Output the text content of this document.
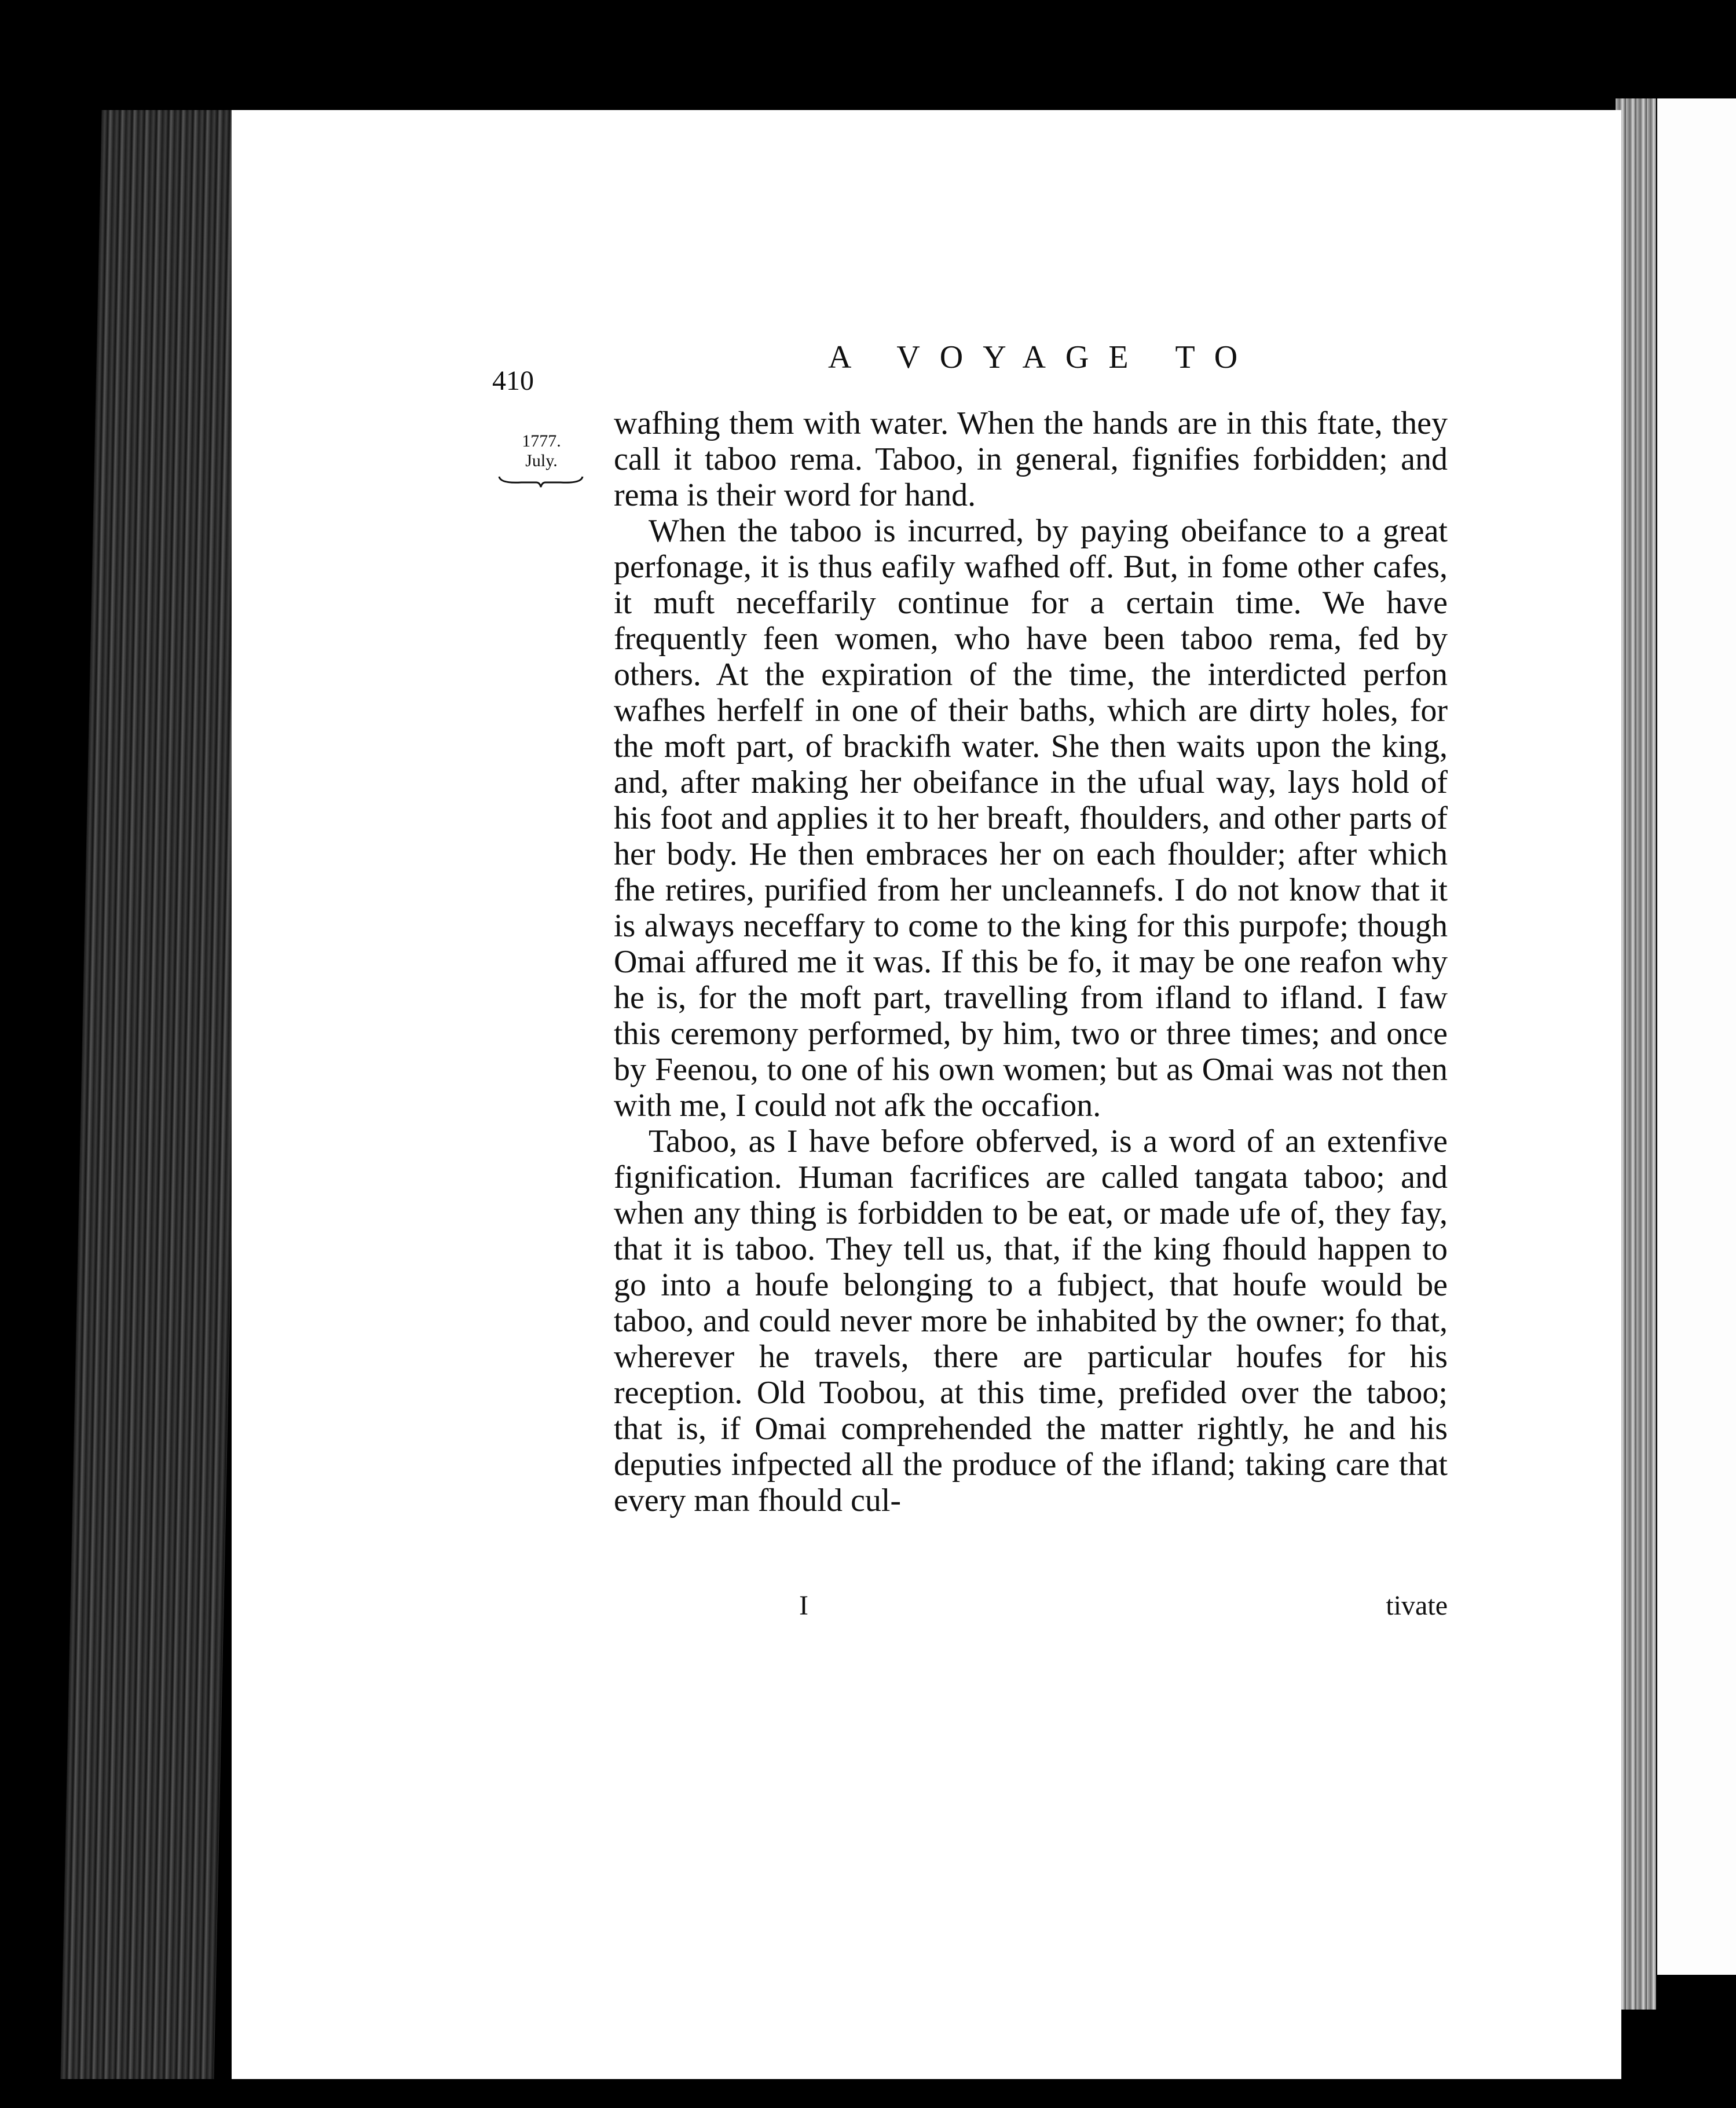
410
A VOYAGE TO
1777.
July.

wafhing them with water. When the hands are in this ftate, they call it taboo rema. Taboo, in general, fignifies forbidden; and rema is their word for hand.

When the taboo is incurred, by paying obeifance to a great perfonage, it is thus eafily wafhed off. But, in fome other cafes, it muft neceffarily continue for a certain time. We have frequently feen women, who have been taboo rema, fed by others. At the expiration of the time, the interdicted perfon wafhes herfelf in one of their baths, which are dirty holes, for the moft part, of brackifh water. She then waits upon the king, and, after making her obeifance in the ufual way, lays hold of his foot and applies it to her breaft, fhoulders, and other parts of her body. He then embraces her on each fhoulder; after which fhe retires, purified from her uncleannefs. I do not know that it is always neceffary to come to the king for this purpofe; though Omai affured me it was. If this be fo, it may be one reafon why he is, for the moft part, travelling from ifland to ifland. I faw this ceremony performed, by him, two or three times; and once by Feenou, to one of his own women; but as Omai was not then with me, I could not afk the occafion.

Taboo, as I have before obferved, is a word of an extenfive fignification. Human facrifices are called tangata taboo; and when any thing is forbidden to be eat, or made ufe of, they fay, that it is taboo. They tell us, that, if the king fhould happen to go into a houfe belonging to a fubject, that houfe would be taboo, and could never more be inhabited by the owner; fo that, wherever he travels, there are particular houfes for his reception. Old Toobou, at this time, prefided over the taboo; that is, if Omai comprehended the matter rightly, he and his deputies infpected all the produce of the ifland; taking care that every man fhould cul-

I	tivate
